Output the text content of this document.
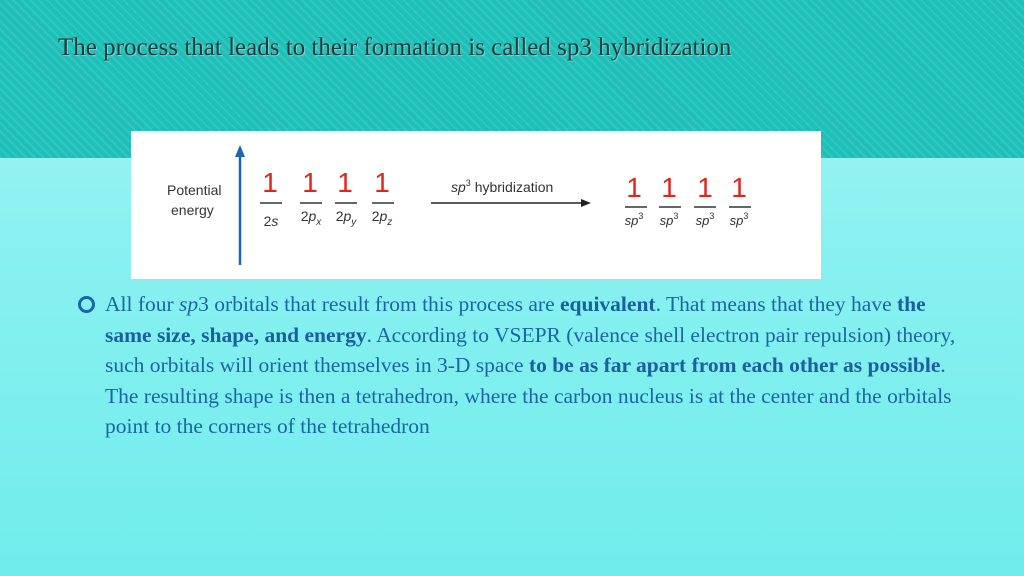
The process that leads to their formation is called sp3 hybridization
Potential
energy
1
2s
1
$2p_x$
1
$2p_y$
1
$2p_z$
$sp^3$ hybridization	1
$sp^3$
1
$sp^3$
1
$sp^3$
1
$sp^3$
All four sp3 orbitals that result from this process are equivalent. That means that they have the same size, shape, and energy. According to VSEPR (valence shell electron pair repulsion) theory, such orbitals will orient themselves in 3-D space to be as far apart from each other as possible. The resulting shape is then a tetrahedron, where the carbon nucleus is at the center and the orbitals point to the corners of the tetrahedron
